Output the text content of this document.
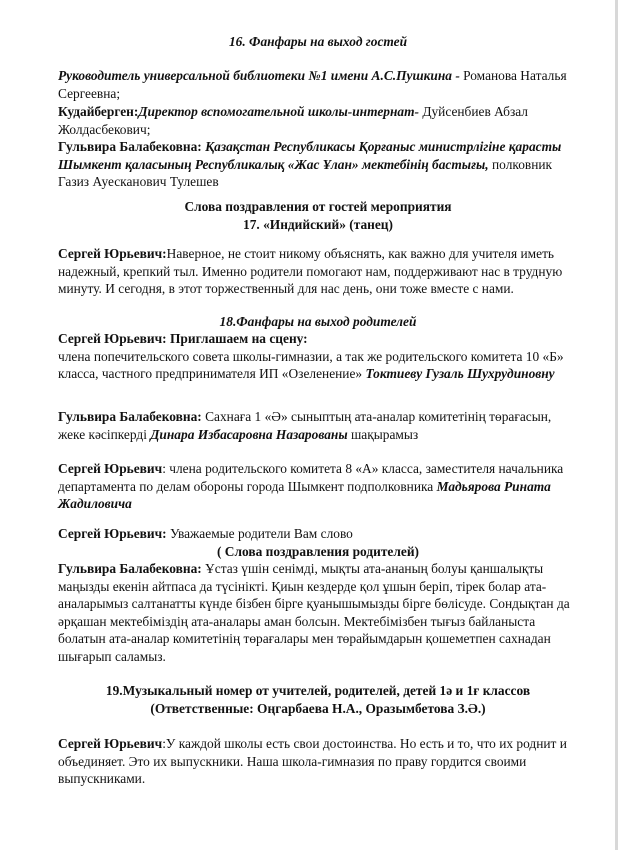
16. Фанфары на выход гостей
Руководитель универсальной библиотеки №1 имени А.С.Пушкина - Романова Наталья Сергеевна;
Кудайберген:Директор вспомогательной школы-интернат- Дуйсенбиев Абзал Жолдасбекович;
Гульвира Балабековна: Қазақстан Республикасы Қорғаныс министрлігіне қарасты Шымкент қаласының Республикалық «Жас Ұлан» мектебінің бастығы, полковник Газиз Ауесканович Тулешев

Слова поздравления от гостей мероприятия

17. «Индийский» (танец)

Сергей Юрьевич:Наверное, не стоит никому объяснять, как важно для учителя иметь надежный, крепкий тыл. Именно родители помогают нам, поддерживают нас в трудную минуту. И сегодня, в этот торжественный для нас день, они тоже вместе с нами.
18.Фанфары на выход родителей

Сергей Юрьевич: Приглашаем на сцену:

члена попечительского совета школы-гимназии, а так же родительского комитета 10 «Б» класса, частного предпринимателя ИП «Озеленение» Токтиеву Гузаль Шухрудиновну
Гульвира Балабековна: Сахнаға 1 «Ә» сыныптың ата-аналар комитетінің төрағасын, жеке кәсіпкерді Динара Избасаровна Назарованы шақырамыз
Сергей Юрьевич: члена родительского комитета 8 «А» класса, заместителя начальника департамента по делам обороны города Шымкент подполковника Мадьярова Рината Жадиловича
Сергей Юрьевич: Уважаемые родители Вам слово
( Слова поздравления родителей)
Гульвира Балабековна: Ұстаз үшін сенімді, мықты ата-ананың болуы қаншалықты маңызды екенін айтпаса да түсінікті. Қиын кездерде қол ұшын беріп, тірек болар ата-аналарымыз салтанатты күнде бізбен бірге қуанышымызды бірге бөлісуде. Сондықтан да әрқашан мектебіміздің ата-аналары аман болсын. Мектебімізбен тығыз байланыста болатын ата-аналар комитетінің төрағалары мен төрайымдарын қошеметпен сахнадан шығарып саламыз.

19.Музыкальный номер от учителей, родителей, детей 1ә и 1ғ классов

(Ответственные: Оңгарбаева Н.А., Оразымбетова З.Ә.)

Сергей Юрьевич:У каждой школы есть свои достоинства. Но есть и то, что их роднит и объединяет. Это их выпускники. Наша школа-гимназия по праву гордится своими выпускниками.
